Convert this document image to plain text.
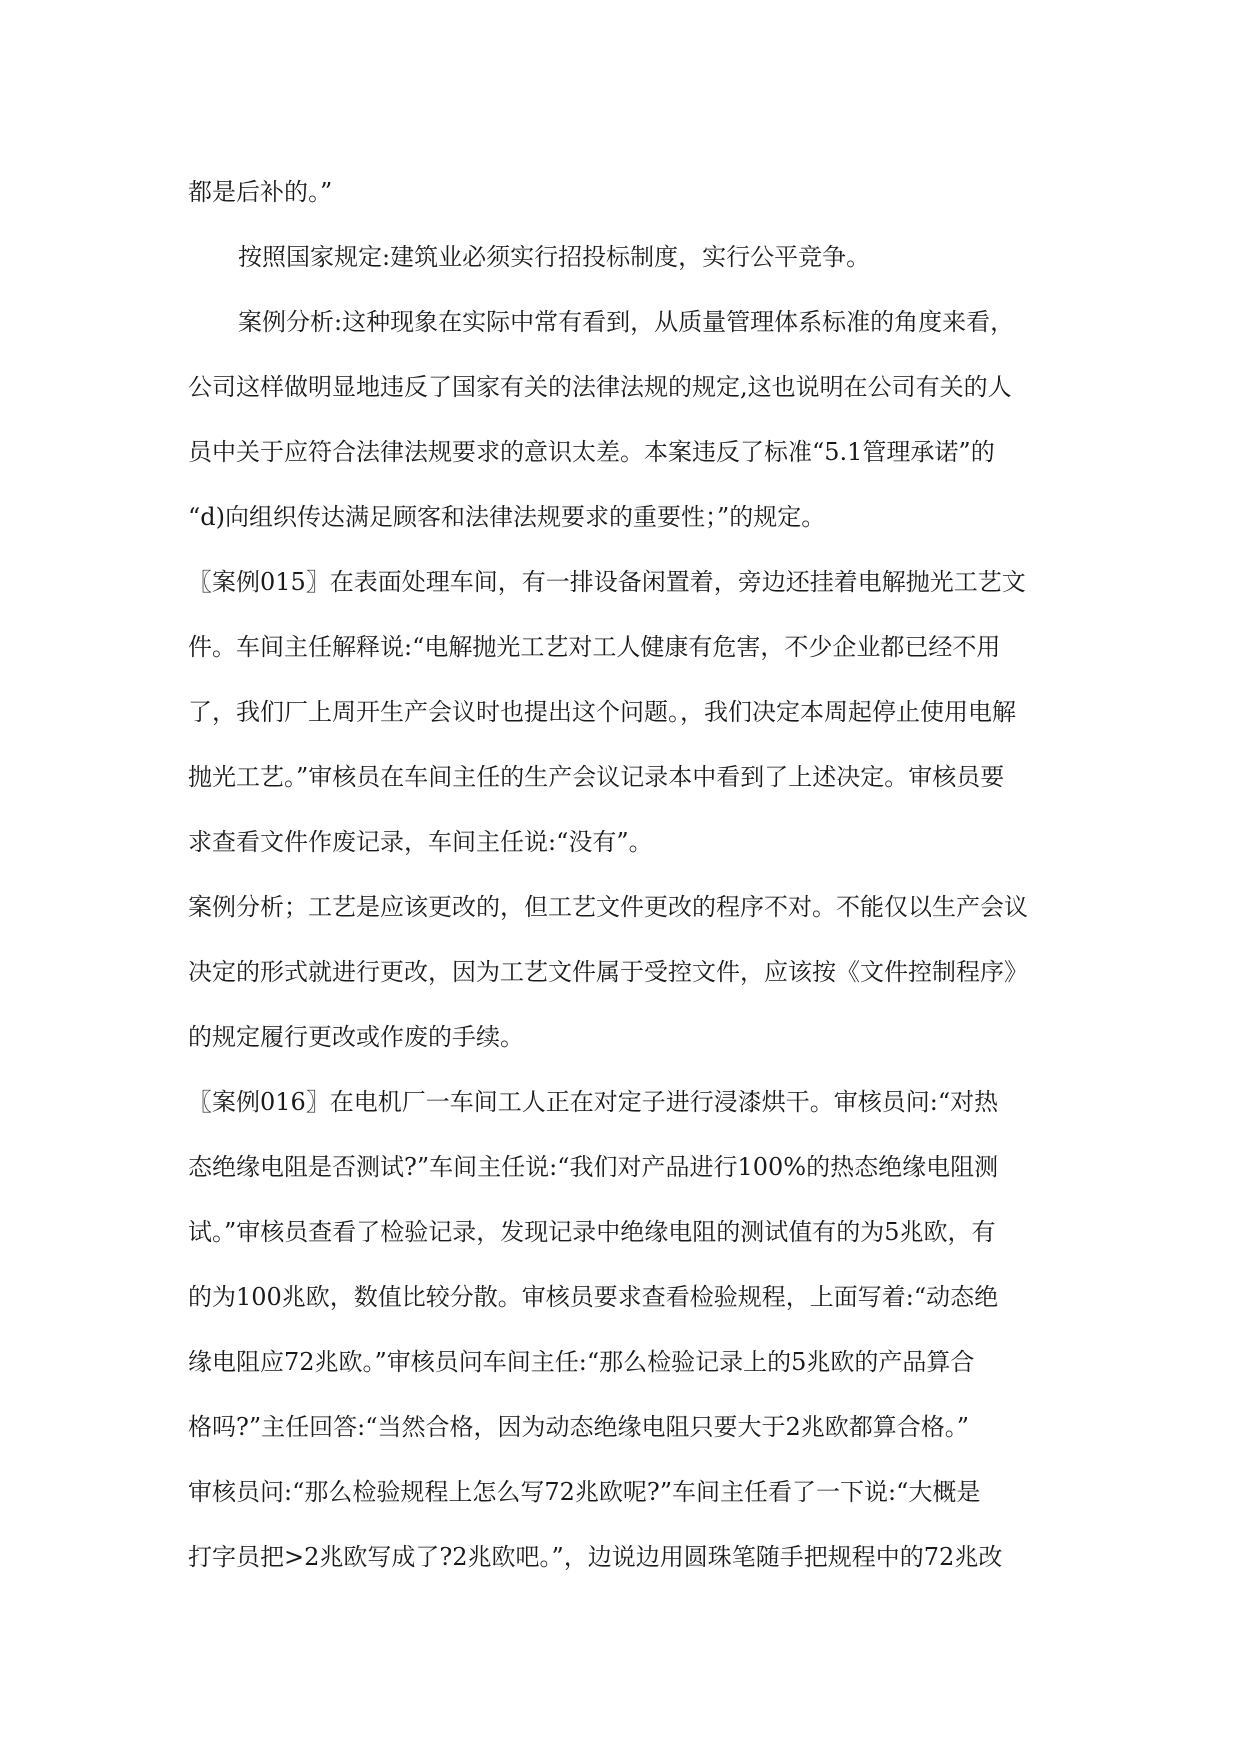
都是后补的。”
按照国家规定:建筑业必须实行招投标制度，实行公平竞争。
案例分析:这种现象在实际中常有看到，从质量管理体系标准的角度来看，
公司这样做明显地违反了国家有关的法律法规的规定,这也说明在公司有关的人
员中关于应符合法律法规要求的意识太差。本案违反了标准“5.1管理承诺”的
“d)向组织传达满足顾客和法律法规要求的重要性；”的规定。
〖案例015〗在表面处理车间，有一排设备闲置着，旁边还挂着电解抛光工艺文
件。车间主任解释说:“电解抛光工艺对工人健康有危害，不少企业都已经不用
了，我们厂上周开生产会议时也提出这个问题。，我们决定本周起停止使用电解
抛光工艺。”审核员在车间主任的生产会议记录本中看到了上述决定。审核员要
求查看文件作废记录，车间主任说:“没有”。
案例分析；工艺是应该更改的，但工艺文件更改的程序不对。不能仅以生产会议
决定的形式就进行更改，因为工艺文件属于受控文件，应该按《文件控制程序》
的规定履行更改或作废的手续。
〖案例016〗在电机厂一车间工人正在对定子进行浸漆烘干。审核员问:“对热
态绝缘电阻是否测试?”车间主任说:“我们对产品进行100%的热态绝缘电阻测
试。”审核员查看了检验记录，发现记录中绝缘电阻的测试值有的为5兆欧，有
的为100兆欧，数值比较分散。审核员要求查看检验规程，上面写着:“动态绝
缘电阻应72兆欧。”审核员问车间主任:“那么检验记录上的5兆欧的产品算合
格吗?”主任回答:“当然合格，因为动态绝缘电阻只要大于2兆欧都算合格。”
审核员问:“那么检验规程上怎么写72兆欧呢?”车间主任看了一下说:“大概是
打字员把>2兆欧写成了?2兆欧吧。”，边说边用圆珠笔随手把规程中的72兆改
